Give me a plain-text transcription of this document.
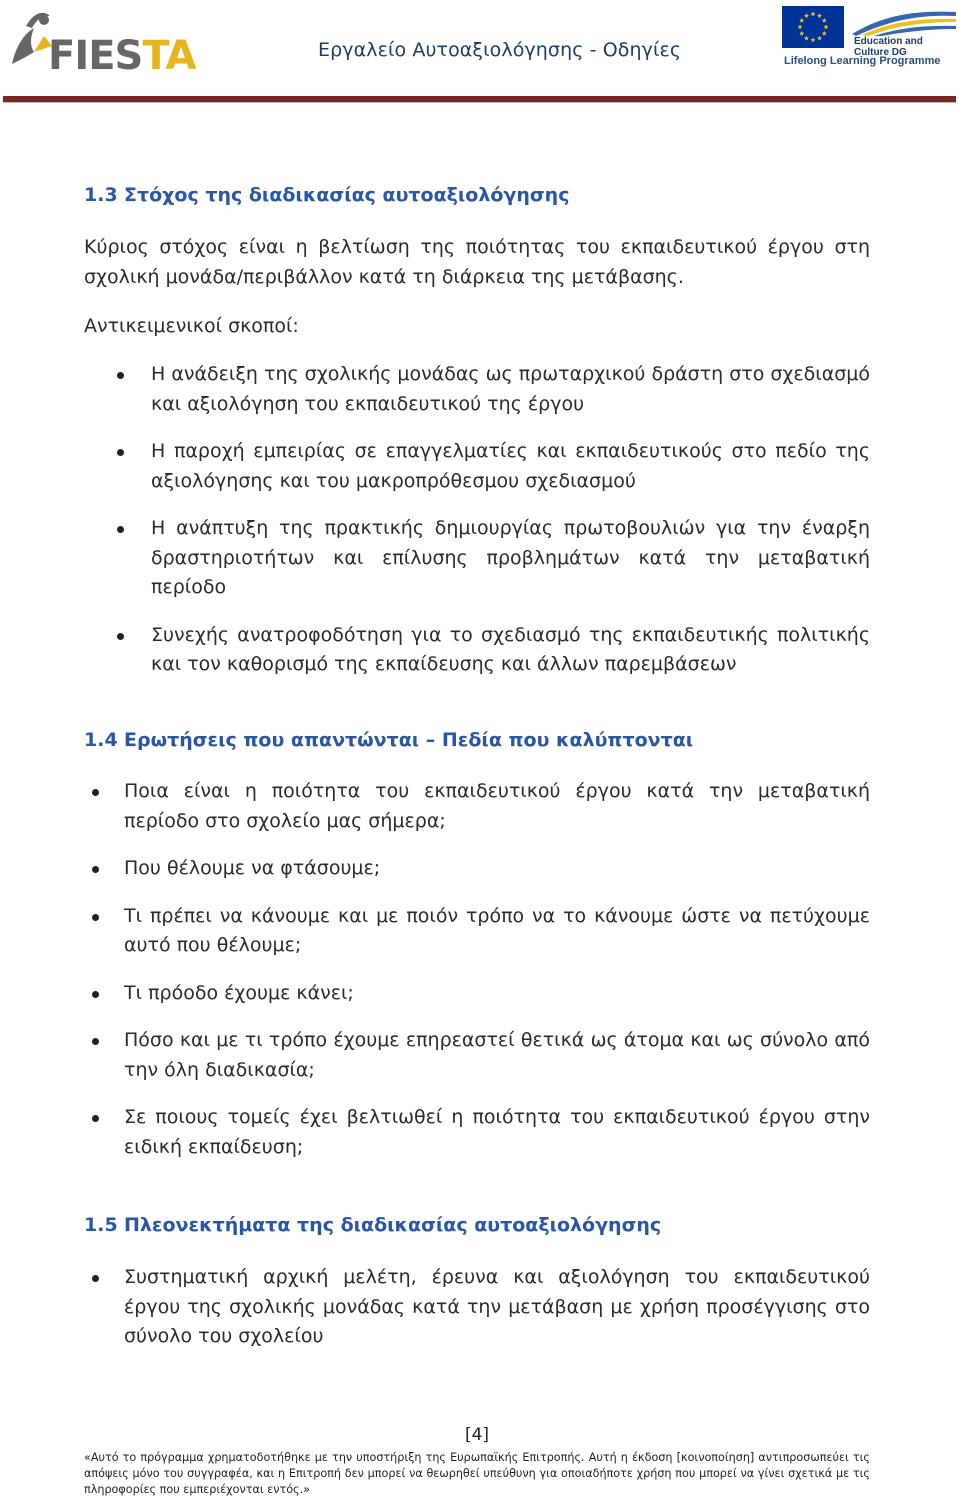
FIESTA	Εργαλείο Αυτοαξιολόγησης - Οδηγίες	Education and Culture DG
Lifelong Learning Programme
1.3 Στόχος της διαδικασίας αυτοαξιολόγησης
Κύριος στόχος είναι η βελτίωση της ποιότητας του εκπαιδευτικού έργου στη σχολική μονάδα/περιβάλλον κατά τη διάρκεια της μετάβασης.
Αντικειμενικοί σκοποί:
Η ανάδειξη της σχολικής μονάδας ως πρωταρχικού δράστη στο σχεδιασμό και αξιολόγηση του εκπαιδευτικού της έργου
Η παροχή εμπειρίας σε επαγγελματίες και εκπαιδευτικούς στο πεδίο της αξιολόγησης και του μακροπρόθεσμου σχεδιασμού
Η ανάπτυξη της πρακτικής δημιουργίας πρωτοβουλιών για την έναρξη δραστηριοτήτων και επίλυσης προβλημάτων κατά την μεταβατική περίοδο
Συνεχής ανατροφοδότηση για το σχεδιασμό της εκπαιδευτικής πολιτικής και τον καθορισμό της εκπαίδευσης και άλλων παρεμβάσεων
1.4 Ερωτήσεις που απαντώνται – Πεδία που καλύπτονται
Ποια είναι η ποιότητα του εκπαιδευτικού έργου κατά την μεταβατική περίοδο στο σχολείο μας σήμερα;
Που θέλουμε να φτάσουμε;
Τι πρέπει να κάνουμε και με ποιόν τρόπο να το κάνουμε ώστε να πετύχουμε αυτό που θέλουμε;
Τι πρόοδο έχουμε κάνει;
Πόσο και με τι τρόπο έχουμε επηρεαστεί θετικά ως άτομα και ως σύνολο από την όλη διαδικασία;
Σε ποιους τομείς έχει βελτιωθεί η ποιότητα του εκπαιδευτικού έργου στην ειδική εκπαίδευση;
1.5 Πλεονεκτήματα της διαδικασίας αυτοαξιολόγησης
Συστηματική αρχική μελέτη, έρευνα και αξιολόγηση του εκπαιδευτικού έργου της σχολικής μονάδας κατά την μετάβαση με χρήση προσέγγισης στο σύνολο του σχολείου
[4]
«Αυτό το πρόγραμμα χρηματοδοτήθηκε με την υποστήριξη της Ευρωπαϊκής Επιτροπής. Αυτή η έκδοση [κοινοποίηση] αντιπροσωπεύει τις απόψεις μόνο του συγγραφέα, και η Επιτροπή δεν μπορεί να θεωρηθεί υπεύθυνη για οποιαδήποτε χρήση που μπορεί να γίνει σχετικά με τις πληροφορίες που εμπεριέχονται εντός.»
